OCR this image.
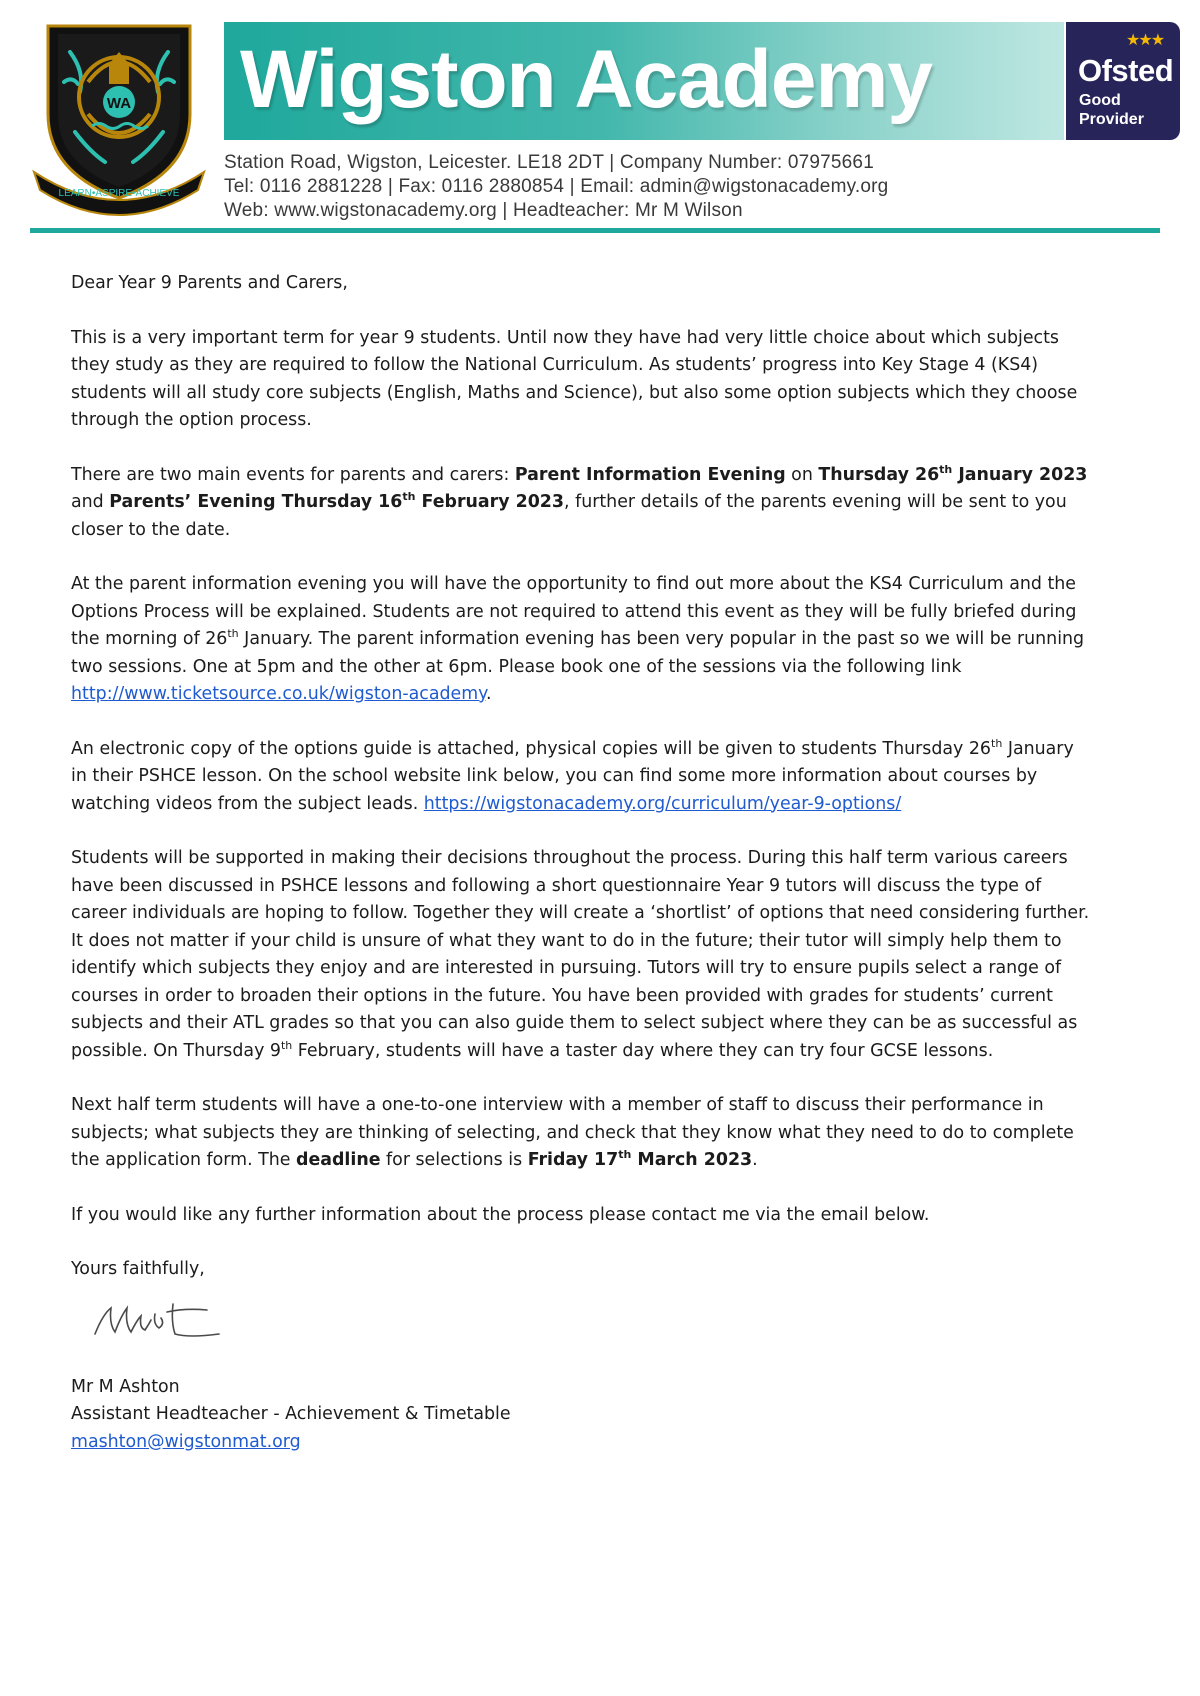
WA
LEARN•ASPIRE•ACHIEVE
Wigston Academy	★★★
Ofsted
Good
Provider
Station Road, Wigston, Leicester. LE18 2DT | Company Number: 07975661
Tel: 0116 2881228 | Fax: 0116 2880854 | Email: admin@wigstonacademy.org
Web: www.wigstonacademy.org | Headteacher: Mr M Wilson

Dear Year 9 Parents and Carers,

This is a very important term for year 9 students. Until now they have had very little choice about which subjects they study as they are required to follow the National Curriculum. As students’ progress into Key Stage 4 (KS4) students will all study core subjects (English, Maths and Science), but also some option subjects which they choose through the option process.

There are two main events for parents and carers: Parent Information Evening on Thursday 26th January 2023 and Parents’ Evening Thursday 16th February 2023, further details of the parents evening will be sent to you closer to the date.

At the parent information evening you will have the opportunity to find out more about the KS4 Curriculum and the Options Process will be explained. Students are not required to attend this event as they will be fully briefed during the morning of 26th January. The parent information evening has been very popular in the past so we will be running two sessions. One at 5pm and the other at 6pm. Please book one of the sessions via the following link http://www.ticketsource.co.uk/wigston-academy.

An electronic copy of the options guide is attached, physical copies will be given to students Thursday 26th January in their PSHCE lesson. On the school website link below, you can find some more information about courses by watching videos from the subject leads. https://wigstonacademy.org/curriculum/year-9-options/

Students will be supported in making their decisions throughout the process. During this half term various careers have been discussed in PSHCE lessons and following a short questionnaire Year 9 tutors will discuss the type of career individuals are hoping to follow. Together they will create a ‘shortlist’ of options that need considering further. It does not matter if your child is unsure of what they want to do in the future; their tutor will simply help them to identify which subjects they enjoy and are interested in pursuing. Tutors will try to ensure pupils select a range of courses in order to broaden their options in the future. You have been provided with grades for students’ current subjects and their ATL grades so that you can also guide them to select subject where they can be as successful as possible. On Thursday 9th February, students will have a taster day where they can try four GCSE lessons.

Next half term students will have a one-to-one interview with a member of staff to discuss their performance in subjects; what subjects they are thinking of selecting, and check that they know what they need to do to complete the application form. The deadline for selections is Friday 17th March 2023.

If you would like any further information about the process please contact me via the email below.

Yours faithfully,

Mr M Ashton

Assistant Headteacher - Achievement & Timetable

mashton@wigstonmat.org
